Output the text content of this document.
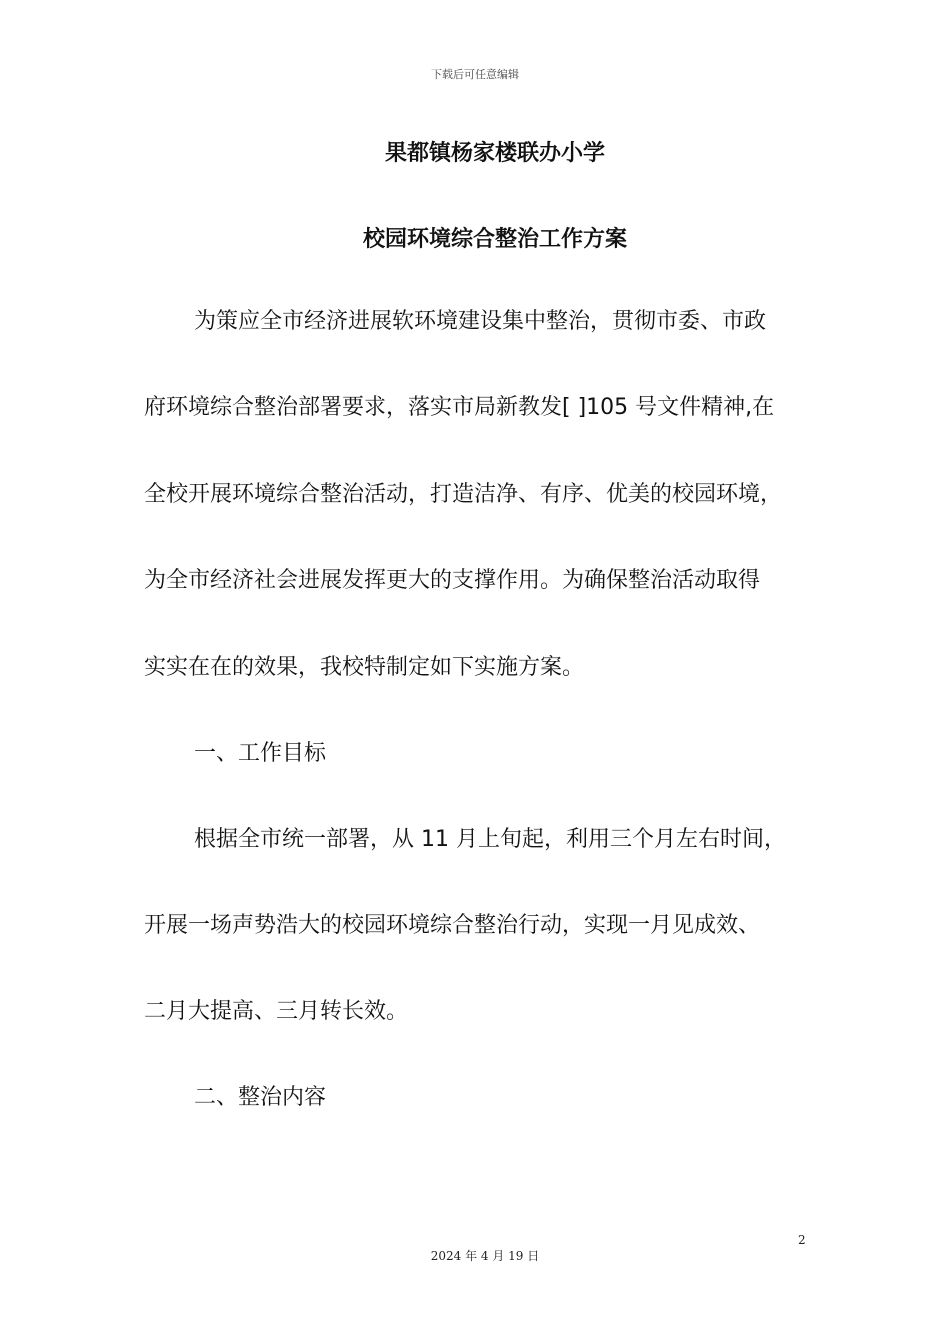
下载后可任意编辑
果都镇杨家楼联办小学
校园环境综合整治工作方案
为策应全市经济进展软环境建设集中整治，贯彻市委、市政
府环境综合整治部署要求，落实市局新教发[ ]105 号文件精神,在
全校开展环境综合整治活动，打造洁净、有序、优美的校园环境，
为全市经济社会进展发挥更大的支撑作用。为确保整治活动取得
实实在在的效果，我校特制定如下实施方案。
一、工作目标
根据全市统一部署，从 11 月上旬起，利用三个月左右时间，
开展一场声势浩大的校园环境综合整治行动，实现一月见成效、
二月大提高、三月转长效。
二、整治内容
2
2024 年 4 月 19 日
